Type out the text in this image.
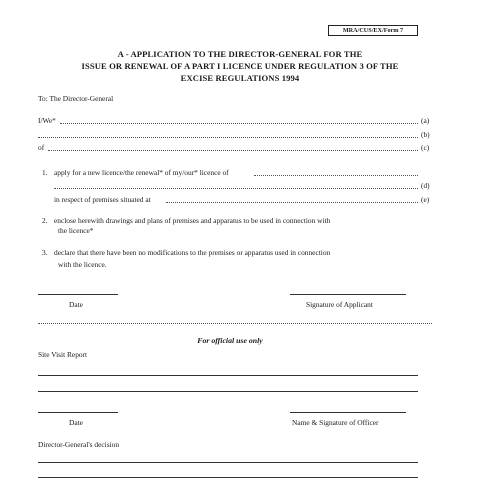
MRA/CUS/EX/Form 7
A - APPLICATION TO THE DIRECTOR-GENERAL FOR THE
ISSUE OR RENEWAL OF A PART I LICENCE UNDER REGULATION 3 OF THE
EXCISE REGULATIONS 1994
To: The Director-General
I/We*	(a)
(b)
of	(c)
1. apply for a new licence/the renewal* of my/our* licence of
(d)
in respect of premises situated at	(e)
2. enclose herewith drawings and plans of premises and apparatus to be used in connection with
the licence*
3. declare that there have been no modifications to the premises or apparatus used in connection
with the licence.
Date	Signature of Applicant
For official use only
Site Visit Report
Date	Name & Signature of Officer
Director-General's decision
